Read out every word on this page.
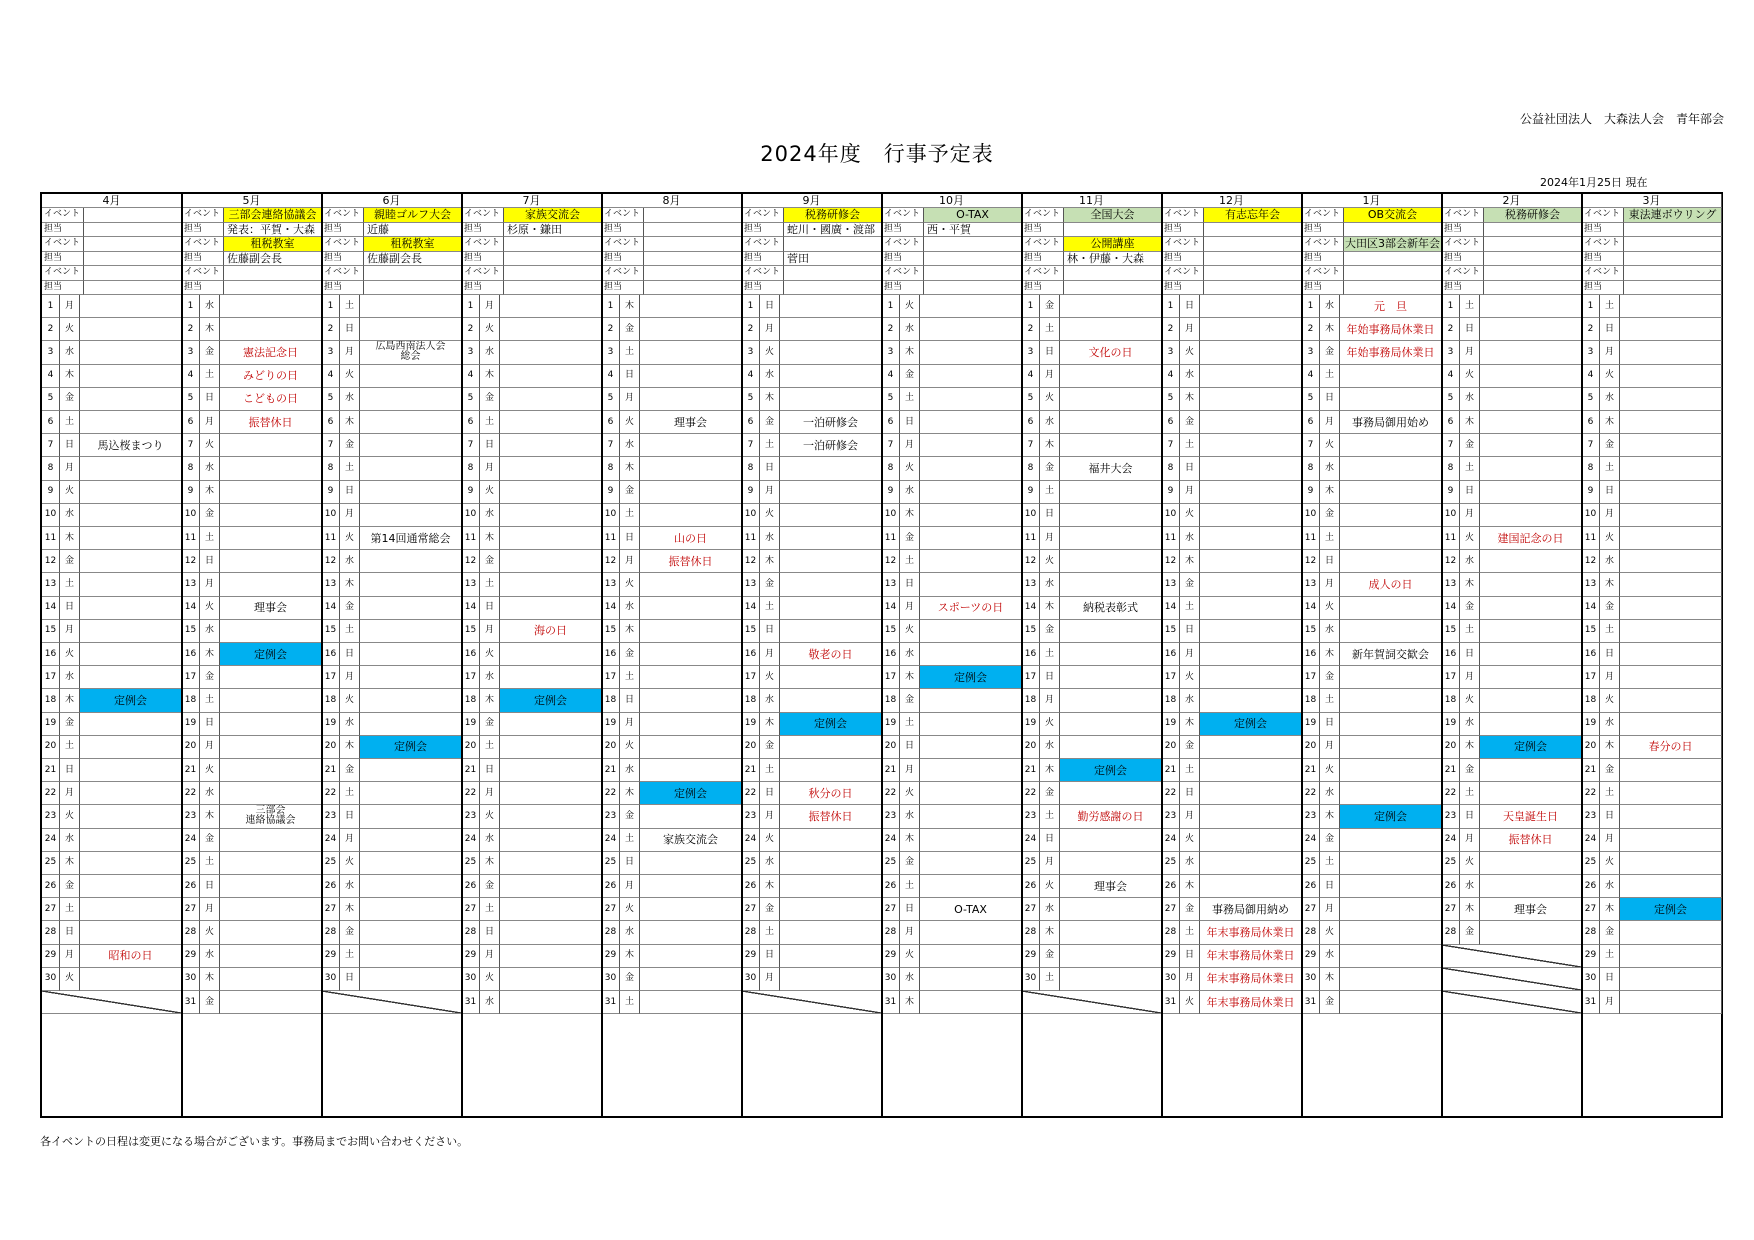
公益社団法人　大森法人会　青年部会
2024年度　行事予定表
2024年1月25日 現在
4月
イベント
担当
イベント
担当
イベント
担当
1	月
2	火
3	水
4	木
5	金
6	土
7	日	馬込桜まつり
8	月
9	火
10 水
11 木
12 金
13 土
14 日
15 月
16 火
17 水
18 木	定例会
19 金
20 土
21 日
22 月
23 火
24 水
25 木
26 金
27 土
28 日
29 月	昭和の日
30 火
5月
イベント 三部会連絡協議会
担当	発表：平賀・大森
イベント	租税教室
担当	佐藤副会長
イベント
担当
1	水
2	木
3	金	憲法記念日
4	土	みどりの日
5	日	こどもの日
6	月	振替休日
7	火
8	水
9	木
10 金
11 土
12 日
13 月
14 火	理事会
15 水
16 木	定例会
17 金
18 土
19 日
20 月
21 火
22 水
23 木	三部会
連絡協議会
24 金
25 土
26 日
27 月
28 火
29 水
30 木
31 金
6月
イベント	親睦ゴルフ大会
担当	近藤
イベント	租税教室
担当	佐藤副会長
イベント
担当
1	土
2	日
3	月	広島西南法人会
総会
4	火
5	水
6	木
7	金
8	土
9	日
10 月
11 火	第14回通常総会
12 水
13 木
14 金
15 土
16 日
17 月
18 火
19 水
20 木	定例会
21 金
22 土
23 日
24 月
25 火
26 水
27 木
28 金
29 土
30 日
7月
イベント	家族交流会
担当	杉原・鎌田
イベント
担当
イベント
担当
1	月
2	火
3	水
4	木
5	金
6	土
7	日
8	月
9	火
10 水
11 木
12 金
13 土
14 日
15 月	海の日
16 火
17 水
18 木	定例会
19 金
20 土
21 日
22 月
23 火
24 水
25 木
26 金
27 土
28 日
29 月
30 火
31 水
8月
イベント
担当
イベント
担当
イベント
担当
1	木
2	金
3	土
4	日
5	月
6	火	理事会
7	水
8	木
9	金
10 土
11 日	山の日
12 月	振替休日
13 火
14 水
15 木
16 金
17 土
18 日
19 月
20 火
21 水
22 木	定例会
23 金
24 土	家族交流会
25 日
26 月
27 火
28 水
29 木
30 金
31 土
9月
イベント	税務研修会
担当	蛇川・國廣・渡部
イベント
担当	菅田
イベント
担当
1	日
2	月
3	火
4	水
5	木
6	金	一泊研修会
7	土	一泊研修会
8	日
9	月
10 火
11 水
12 木
13 金
14 土
15 日
16 月	敬老の日
17 火
18 水
19 木	定例会
20 金
21 土
22 日	秋分の日
23 月	振替休日
24 火
25 水
26 木
27 金
28 土
29 日
30 月
10月
イベント	O-TAX
担当	西・平賀
イベント
担当
イベント
担当
1	火
2	水
3	木
4	金
5	土
6	日
7	月
8	火
9	水
10 木
11 金
12 土
13 日
14 月	スポーツの日
15 火
16 水
17 木	定例会
18 金
19 土
20 日
21 月
22 火
23 水
24 木
25 金
26 土
27 日	O-TAX
28 月
29 火
30 水
31 木
11月
イベント	全国大会
担当
イベント	公開講座
担当	林・伊藤・大森
イベント
担当
1	金
2	土
3	日	文化の日
4	月
5	火
6	水
7	木
8	金	福井大会
9	土
10 日
11 月
12 火
13 水
14 木	納税表彰式
15 金
16 土
17 日
18 月
19 火
20 水
21 木	定例会
22 金
23 土	勤労感謝の日
24 日
25 月
26 火	理事会
27 水
28 木
29 金
30 土
12月
イベント	有志忘年会
担当
イベント
担当
イベント
担当
1	日
2	月
3	火
4	水
5	木
6	金
7	土
8	日
9	月
10 火
11 水
12 木
13 金
14 土
15 日
16 月
17 火
18 水
19 木	定例会
20 金
21 土
22 日
23 月
24 火
25 水
26 木
27 金	事務局御用納め
28 土	年末事務局休業日
29 日	年末事務局休業日
30 月	年末事務局休業日
31 火	年末事務局休業日
1月
イベント	OB交流会
担当
イベント 大田区3部会新年会
担当
イベント
担当
1	水	元　旦
2	木	年始事務局休業日
3	金	年始事務局休業日
4	土
5	日
6	月	事務局御用始め
7	火
8	水
9	木
10 金
11 土
12 日
13 月	成人の日
14 火
15 水
16 木	新年賀詞交歓会
17 金
18 土
19 日
20 月
21 火
22 水
23 木	定例会
24 金
25 土
26 日
27 月
28 火
29 水
30 木
31 金
2月
イベント	税務研修会
担当
イベント
担当
イベント
担当
1	土
2	日
3	月
4	火
5	水
6	木
7	金
8	土
9	日
10 月
11 火	建国記念の日
12 水
13 木
14 金
15 土
16 日
17 月
18 火
19 水
20 木	定例会
21 金
22 土
23 日	天皇誕生日
24 月	振替休日
25 火
26 水
27 木	理事会
28 金
3月
イベント 東法連ボウリング
担当
イベント
担当
イベント
担当
1	土
2	日
3	月
4	火
5	水
6	木
7	金
8	土
9	日
10 月
11 火
12 水
13 木
14 金
15 土
16 日
17 月
18 火
19 水
20 木	春分の日
21 金
22 土
23 日
24 月
25 火
26 水
27 木	定例会
28 金
29 土
30 日
31 月
各イベントの日程は変更になる場合がございます。事務局までお問い合わせください。
